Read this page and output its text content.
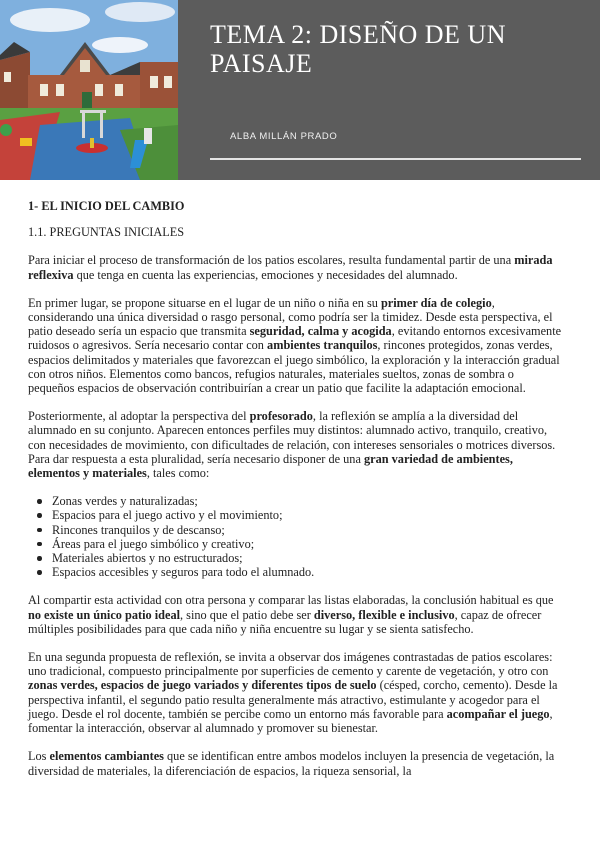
TEMA 2: DISEÑO DE UN PAISAJE

ALBA MILLÁN PRADO

1- EL INICIO DEL CAMBIO
1.1. PREGUNTAS INICIALES

Para iniciar el proceso de transformación de los patios escolares, resulta fundamental partir de una mirada reflexiva que tenga en cuenta las experiencias, emociones y necesidades del alumnado.

En primer lugar, se propone situarse en el lugar de un niño o niña en su primer día de colegio, considerando una única diversidad o rasgo personal, como podría ser la timidez. Desde esta perspectiva, el patio deseado sería un espacio que transmita seguridad, calma y acogida, evitando entornos excesivamente ruidosos o agresivos. Sería necesario contar con ambientes tranquilos, rincones protegidos, zonas verdes, espacios delimitados y materiales que favorezcan el juego simbólico, la exploración y la interacción gradual con otros niños. Elementos como bancos, refugios naturales, materiales sueltos, zonas de sombra o pequeños espacios de observación contribuirían a crear un patio que facilite la adaptación emocional.

Posteriormente, al adoptar la perspectiva del profesorado, la reflexión se amplía a la diversidad del alumnado en su conjunto. Aparecen entonces perfiles muy distintos: alumnado activo, tranquilo, creativo, con necesidades de movimiento, con dificultades de relación, con intereses sensoriales o motrices diversos. Para dar respuesta a esta pluralidad, sería necesario disponer de una gran variedad de ambientes, elementos y materiales, tales como:

Zonas verdes y naturalizadas;
Espacios para el juego activo y el movimiento;
Rincones tranquilos y de descanso;
Áreas para el juego simbólico y creativo;
Materiales abiertos y no estructurados;
Espacios accesibles y seguros para todo el alumnado.

Al compartir esta actividad con otra persona y comparar las listas elaboradas, la conclusión habitual es que no existe un único patio ideal, sino que el patio debe ser diverso, flexible e inclusivo, capaz de ofrecer múltiples posibilidades para que cada niño y niña encuentre su lugar y se sienta satisfecho.

En una segunda propuesta de reflexión, se invita a observar dos imágenes contrastadas de patios escolares: uno tradicional, compuesto principalmente por superficies de cemento y carente de vegetación, y otro con zonas verdes, espacios de juego variados y diferentes tipos de suelo (césped, corcho, cemento). Desde la perspectiva infantil, el segundo patio resulta generalmente más atractivo, estimulante y acogedor para el juego. Desde el rol docente, también se percibe como un entorno más favorable para acompañar el juego, fomentar la interacción, observar al alumnado y promover su bienestar.

Los elementos cambiantes que se identifican entre ambos modelos incluyen la presencia de vegetación, la diversidad de materiales, la diferenciación de espacios, la riqueza sensorial, la
